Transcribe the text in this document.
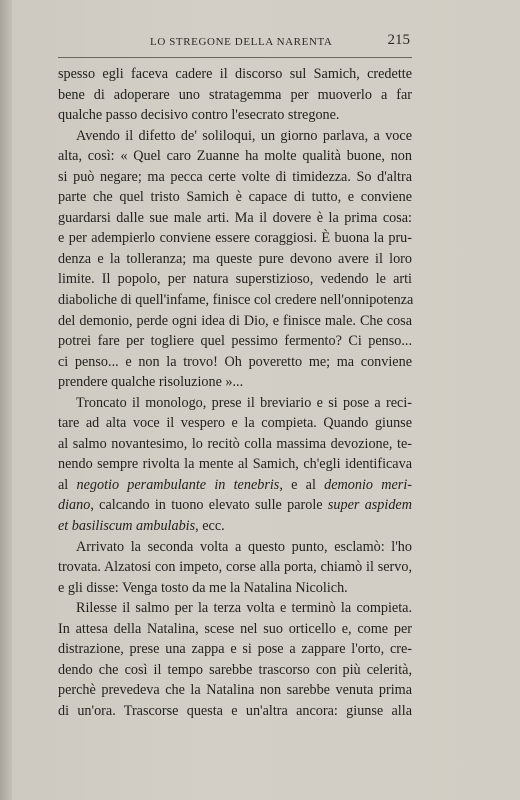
LO STREGONE DELLA NARENTA	215
spesso egli faceva cadere il discorso sul Samich, credette
bene di adoperare uno stratagemma per muoverlo a far
qualche passo decisivo contro l'esecrato stregone.
Avendo il difetto de' soliloqui, un giorno parlava, a voce
alta, così: « Quel caro Zuanne ha molte qualità buone, non
si può negare; ma pecca certe volte di timidezza. So d'altra
parte che quel tristo Samich è capace di tutto, e conviene
guardarsi dalle sue male arti. Ma il dovere è la prima cosa:
e per adempierlo conviene essere coraggiosi. È buona la pru-
denza e la tolleranza; ma queste pure devono avere il loro
limite. Il popolo, per natura superstizioso, vedendo le arti
diaboliche di quell'infame, finisce col credere nell'onnipotenza
del demonio, perde ogni idea di Dio, e finisce male. Che cosa
potrei fare per togliere quel pessimo fermento? Ci penso...
ci penso... e non la trovo! Oh poveretto me; ma conviene
prendere qualche risoluzione »...
Troncato il monologo, prese il breviario e si pose a reci-
tare ad alta voce il vespero e la compieta. Quando giunse
al salmo novantesimo, lo recitò colla massima devozione, te-
nendo sempre rivolta la mente al Samich, ch'egli identificava
al negotio perambulante in tenebris, e al demonio meri-
diano, calcando in tuono elevato sulle parole super aspidem
et basiliscum ambulabis, ecc.
Arrivato la seconda volta a questo punto, esclamò: l'ho
trovata. Alzatosi con impeto, corse alla porta, chiamò il servo,
e gli disse: Venga tosto da me la Natalina Nicolich.
Rilesse il salmo per la terza volta e terminò la compieta.
In attesa della Natalina, scese nel suo orticello e, come per
distrazione, prese una zappa e si pose a zappare l'orto, cre-
dendo che così il tempo sarebbe trascorso con più celerità,
perchè prevedeva che la Natalina non sarebbe venuta prima
di un'ora. Trascorse questa e un'altra ancora: giunse alla
